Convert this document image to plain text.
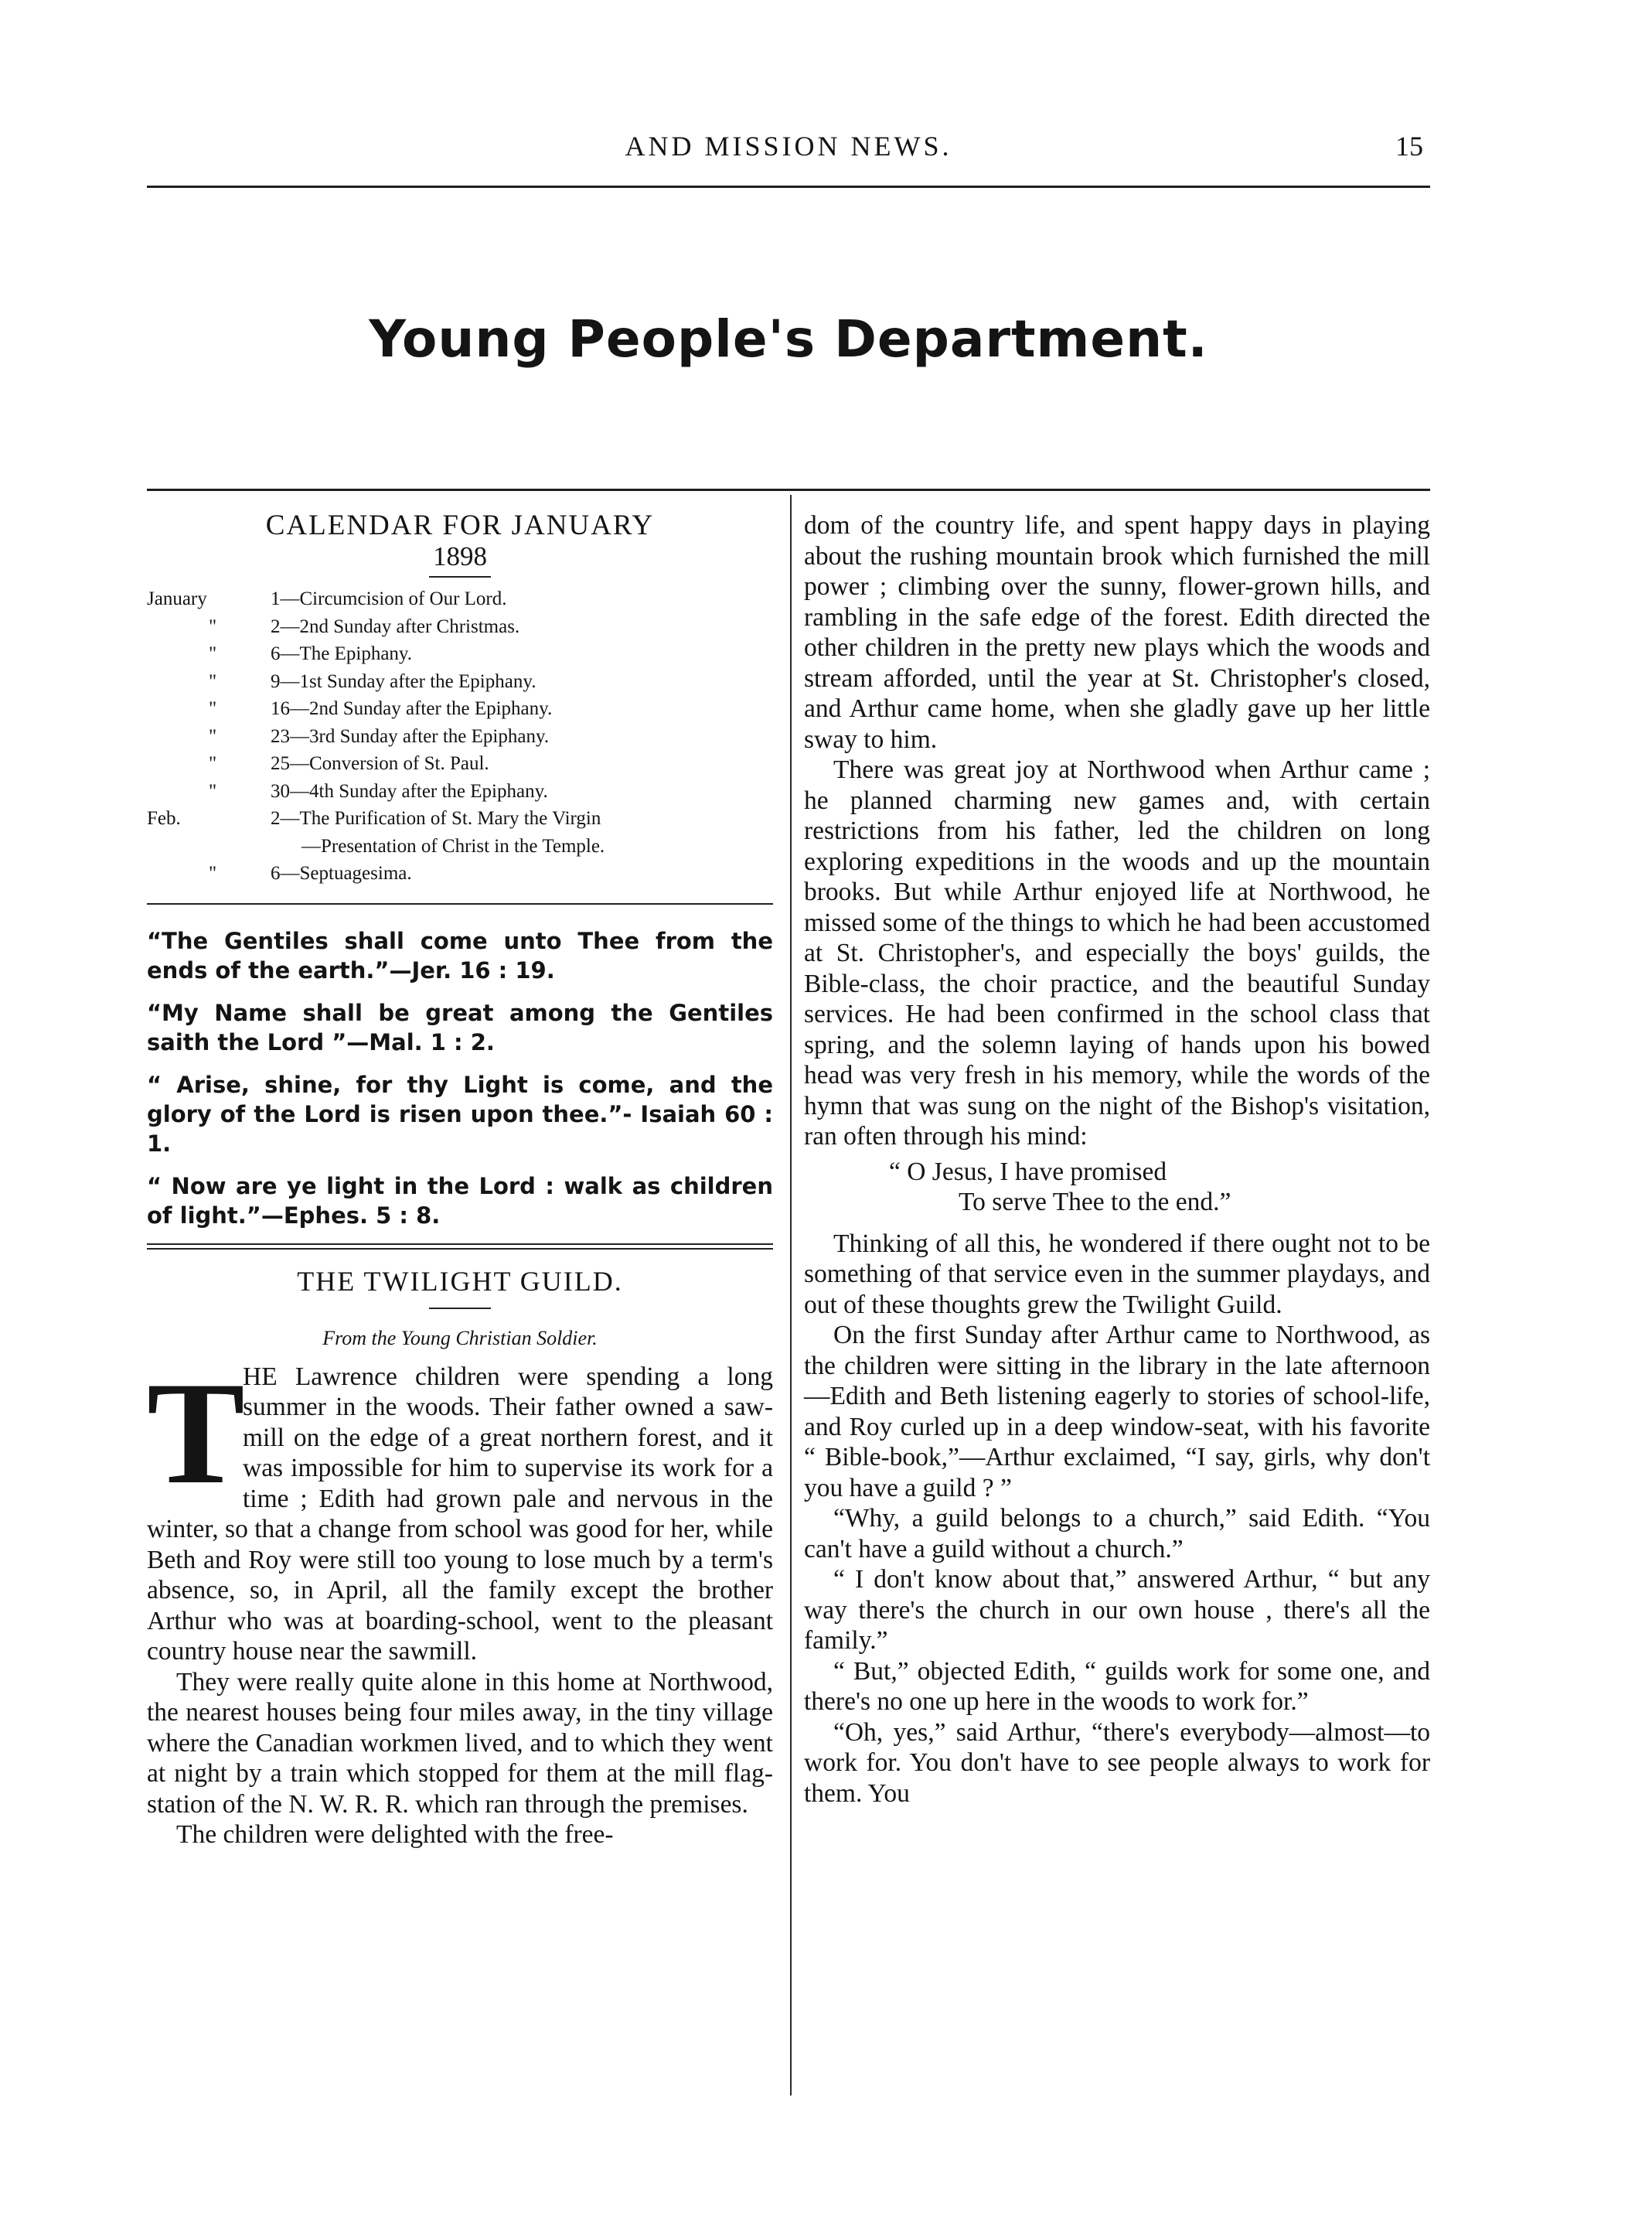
AND MISSION NEWS.	15
Young People's Department.
CALENDAR FOR JANUARY
1898
January	1—Circumcision of Our Lord.
"	2—2nd Sunday after Christmas.
"	6—The Epiphany.
"	9—1st Sunday after the Epiphany.
"	16—2nd Sunday after the Epiphany.
"	23—3rd Sunday after the Epiphany.
"	25—Conversion of St. Paul.
"	30—4th Sunday after the Epiphany.
Feb.	2—The Purification of St. Mary the Virgin
—Presentation of Christ in the Temple.
"	6—Septuagesima.

“The Gentiles shall come unto Thee from the ends of the earth.”—Jer. 16 : 19.

“My Name shall be great among the Gentiles saith the Lord ”—Mal. 1 : 2.

“ Arise, shine, for thy Light is come, and the glory of the Lord is risen upon thee.”- Isaiah 60 : 1.

“ Now are ye light in the Lord : walk as children of light.”—Ephes. 5 : 8.

THE TWILIGHT GUILD.
From the Young Christian Soldier.
T

HE Lawrence children were spending a long summer in the woods. Their father owned a saw-mill on the edge of a great northern forest, and it was impossible for him to supervise its work for a time ; Edith had grown pale and nervous in the winter, so that a change from school was good for her, while Beth and Roy were still too young to lose much by a term's absence, so, in April, all the family except the brother Arthur who was at boarding-school, went to the pleasant country house near the sawmill.

They were really quite alone in this home at Northwood, the nearest houses being four miles away, in the tiny village where the Canadian workmen lived, and to which they went at night by a train which stopped for them at the mill flag-station of the N. W. R. R. which ran through the premises.

The children were delighted with the free-

dom of the country life, and spent happy days in playing about the rushing mountain brook which furnished the mill power ; climbing over the sunny, flower-grown hills, and rambling in the safe edge of the forest. Edith directed the other children in the pretty new plays which the woods and stream afforded, until the year at St. Christopher's closed, and Arthur came home, when she gladly gave up her little sway to him.

There was great joy at Northwood when Arthur came ; he planned charming new games and, with certain restrictions from his father, led the children on long exploring expeditions in the woods and up the mountain brooks. But while Arthur enjoyed life at Northwood, he missed some of the things to which he had been accustomed at St. Christopher's, and especially the boys' guilds, the Bible-class, the choir practice, and the beautiful Sunday services. He had been confirmed in the school class that spring, and the solemn laying of hands upon his bowed head was very fresh in his memory, while the words of the hymn that was sung on the night of the Bishop's visitation, ran often through his mind:

“ O Jesus, I have promised
To serve Thee to the end.”

Thinking of all this, he wondered if there ought not to be something of that service even in the summer playdays, and out of these thoughts grew the Twilight Guild.

On the first Sunday after Arthur came to Northwood, as the children were sitting in the library in the late afternoon—Edith and Beth listening eagerly to stories of school-life, and Roy curled up in a deep window-seat, with his favorite “ Bible-book,”—Arthur exclaimed, “I say, girls, why don't you have a guild ? ”

“Why, a guild belongs to a church,” said Edith. “You can't have a guild without a church.”

“ I don't know about that,” answered Arthur, “ but any way there's the church in our own house , there's all the family.”

“ But,” objected Edith, “ guilds work for some one, and there's no one up here in the woods to work for.”

“Oh, yes,” said Arthur, “there's everybody—almost—to work for. You don't have to see people always to work for them. You
